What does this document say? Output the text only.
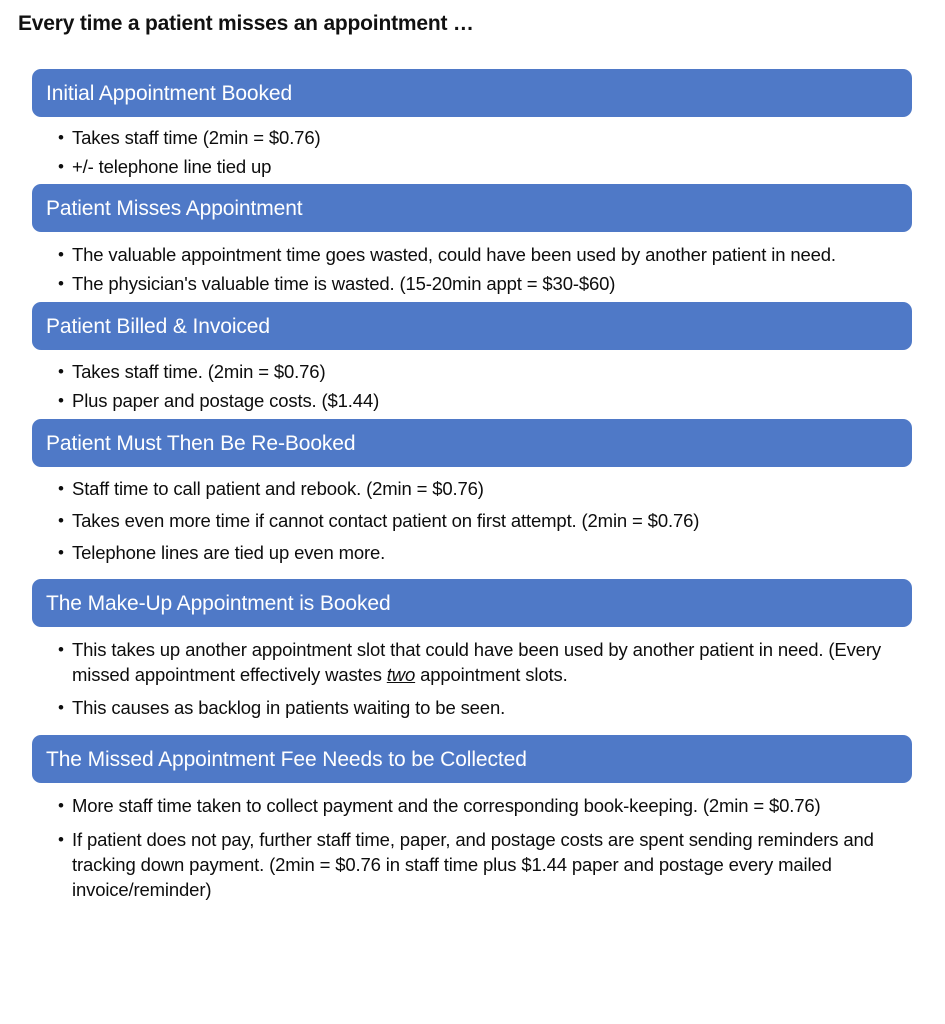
Every time a patient misses an appointment …
Initial Appointment Booked
• Takes staff time (2min = $0.76)
• +/- telephone line tied up
Patient Misses Appointment
• The valuable appointment time goes wasted, could have been used by another patient in need.
• The physician's valuable time is wasted. (15-20min appt = $30-$60)
Patient Billed & Invoiced
• Takes staff time. (2min = $0.76)
• Plus paper and postage costs. ($1.44)
Patient Must Then Be Re-Booked
• Staff time to call patient and rebook. (2min = $0.76)
• Takes even more time if cannot contact patient on first attempt. (2min = $0.76)
• Telephone lines are tied up even more.
The Make-Up Appointment is Booked
• This takes up another appointment slot that could have been used by another patient in need. (Every missed appointment effectively wastes two appointment slots.
• This causes as backlog in patients waiting to be seen.
The Missed Appointment Fee Needs to be Collected
• More staff time taken to collect payment and the corresponding book-keeping. (2min = $0.76)
• If patient does not pay, further staff time, paper, and postage costs are spent sending reminders and tracking down payment. (2min = $0.76 in staff time plus $1.44 paper and postage every mailed invoice/reminder)
